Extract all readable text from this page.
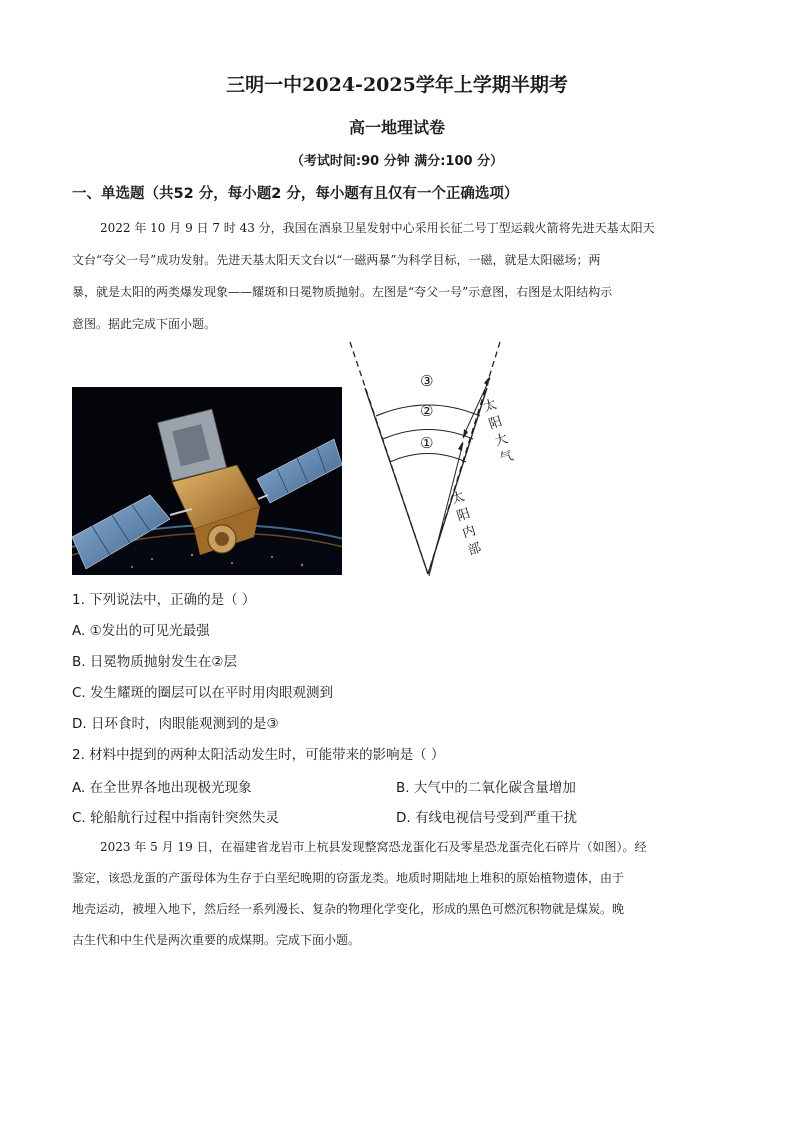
三明一中2024-2025学年上学期半期考
高一地理试卷
（考试时间:90 分钟 满分:100 分）
一、单选题（共52 分，每小题2 分，每小题有且仅有一个正确选项）
2022 年 10 月 9 日 7 时 43 分，我国在酒泉卫星发射中心采用长征二号丁型运载火箭将先进天基太阳天
文台“夸父一号”成功发射。先进天基太阳天文台以“一磁两暴”为科学目标，一磁，就是太阳磁场；两
暴，就是太阳的两类爆发现象——耀斑和日冕物质抛射。左图是“夸父一号”示意图，右图是太阳结构示
意图。据此完成下面小题。
③
②
①
太
阳
大
气
太
阳
内
部
1. 下列说法中，正确的是（ ）
A. ①发出的可见光最强
B. 日冕物质抛射发生在②层
C. 发生耀斑的圈层可以在平时用肉眼观测到
D. 日环食时，肉眼能观测到的是③
2. 材料中提到的两种太阳活动发生时，可能带来的影响是（ ）
A. 在全世界各地出现极光现象	B. 大气中的二氧化碳含量增加
C. 轮船航行过程中指南针突然失灵	D. 有线电视信号受到严重干扰
2023 年 5 月 19 日，在福建省龙岩市上杭县发现整窝恐龙蛋化石及零星恐龙蛋壳化石碎片（如图）。经
鉴定，该恐龙蛋的产蛋母体为生存于白垩纪晚期的窃蛋龙类。地质时期陆地上堆积的原始植物遗体，由于
地壳运动，被埋入地下，然后经一系列漫长、复杂的物理化学变化，形成的黑色可燃沉积物就是煤炭。晚
古生代和中生代是两次重要的成煤期。完成下面小题。
